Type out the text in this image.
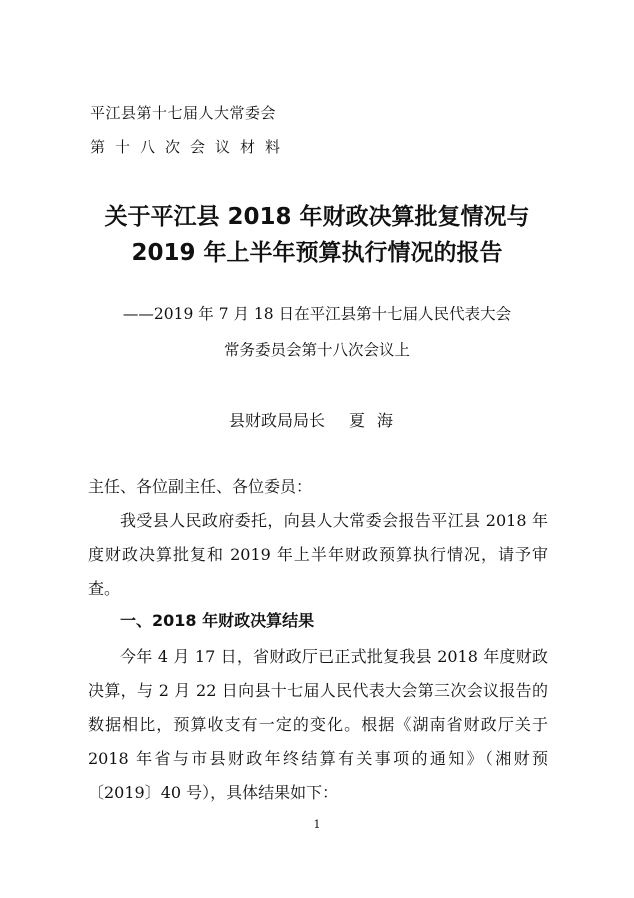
平江县第十七届人大常委会
第十八次会议材料
关于平江县 2018 年财政决算批复情况与
2019 年上半年预算执行情况的报告
——2019 年 7 月 18 日在平江县第十七届人民代表大会
常务委员会第十八次会议上
县财政局局长 夏海
主任、各位副主任、各位委员：
我受县人民政府委托，向县人大常委会报告平江县 2018 年度财政决算批复和 2019 年上半年财政预算执行情况，请予审查。
一、2018 年财政决算结果
今年 4 月 17 日，省财政厅已正式批复我县 2018 年度财政决算，与 2 月 22 日向县十七届人民代表大会第三次会议报告的数据相比，预算收支有一定的变化。根据《湖南省财政厅关于 2018 年省与市县财政年终结算有关事项的通知》（湘财预〔2019〕40 号），具体结果如下：
1
